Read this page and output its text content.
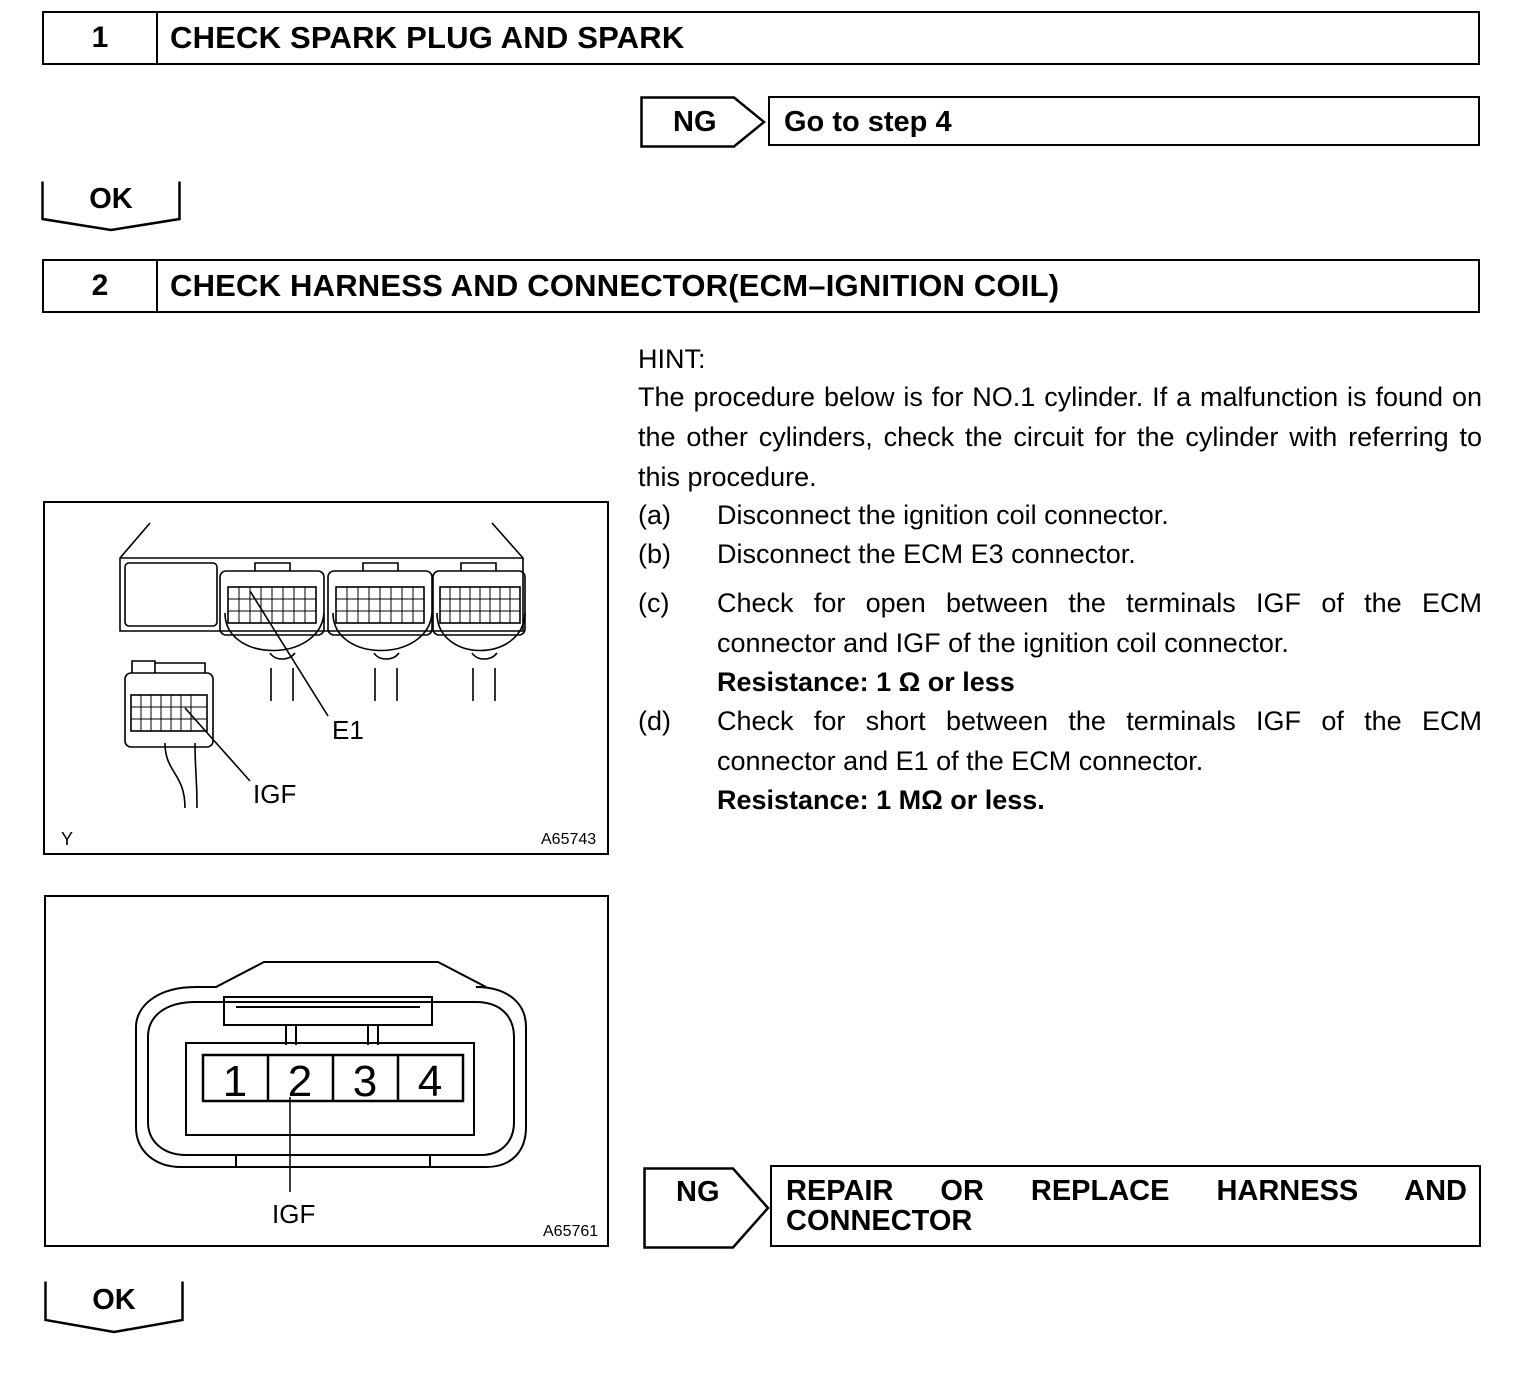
1	CHECK SPARK PLUG AND SPARK
NG Go to step 4
OK
2	CHECK HARNESS AND CONNECTOR(ECM–IGNITION COIL)
HINT:
The procedure below is for NO.1 cylinder. If a malfunction is found on the other cylinders, check the circuit for the cylinder with referring to this procedure.
(a) Disconnect the ignition coil connector.
(b) Disconnect the ECM E3 connector.
(c) Check for open between the terminals IGF of the ECM connector and IGF of the ignition coil connector.
Resistance: 1 Ω or less
(d) Check for short between the terminals IGF of the ECM connector and E1 of the ECM connector.
Resistance: 1 MΩ or less.
E1
IGF
Y	A65743
1 2 3 4
IGF
A65761
NG REPAIR OR REPLACE HARNESS AND
CONNECTOR
OK
